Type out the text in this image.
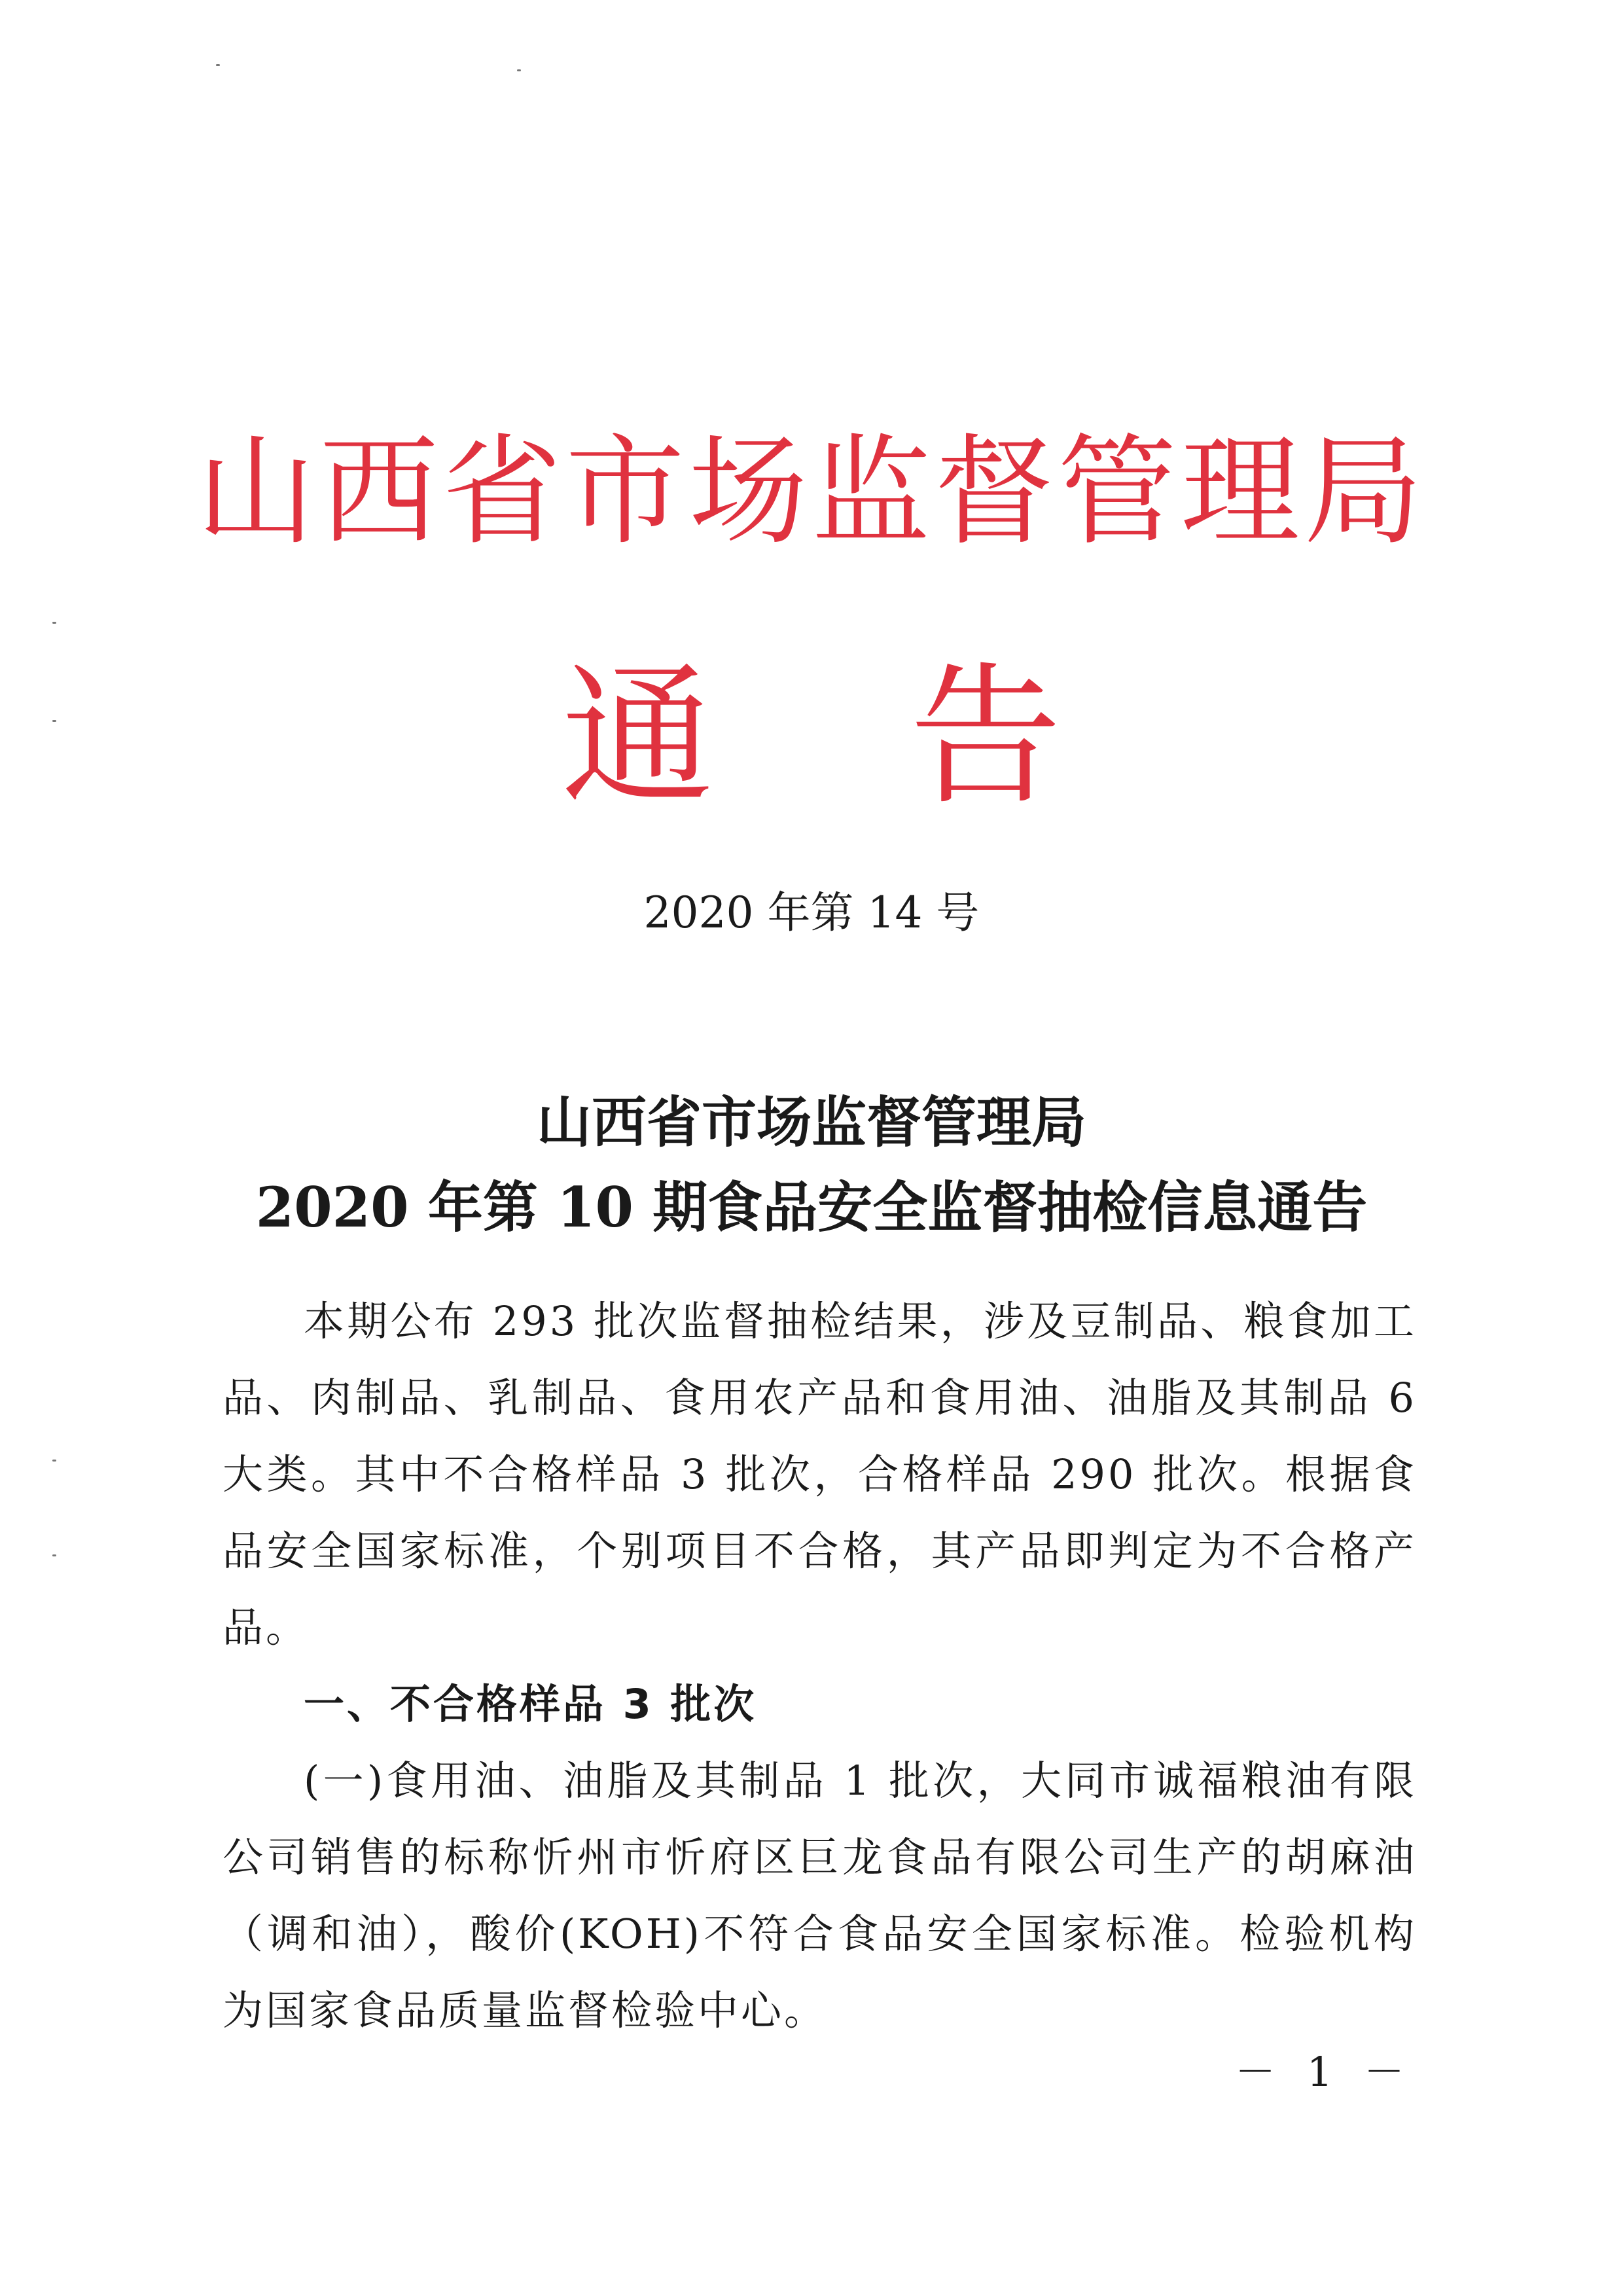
山西省市场监督管理局
通 告
2020 年第 14 号
山西省市场监督管理局
2020 年第 10 期食品安全监督抽检信息通告

本期公布 293 批次监督抽检结果，涉及豆制品、粮食加工品、肉制品、乳制品、食用农产品和食用油、油脂及其制品 6 大类。其中不合格样品 3 批次，合格样品 290 批次。根据食品安全国家标准，个别项目不合格，其产品即判定为不合格产品。

一、不合格样品 3 批次

(一)食用油、油脂及其制品 1 批次，大同市诚福粮油有限公司销售的标称忻州市忻府区巨龙食品有限公司生产的胡麻油（调和油），酸价(KOH)不符合食品安全国家标准。检验机构为国家食品质量监督检验中心。

－ 1 －
